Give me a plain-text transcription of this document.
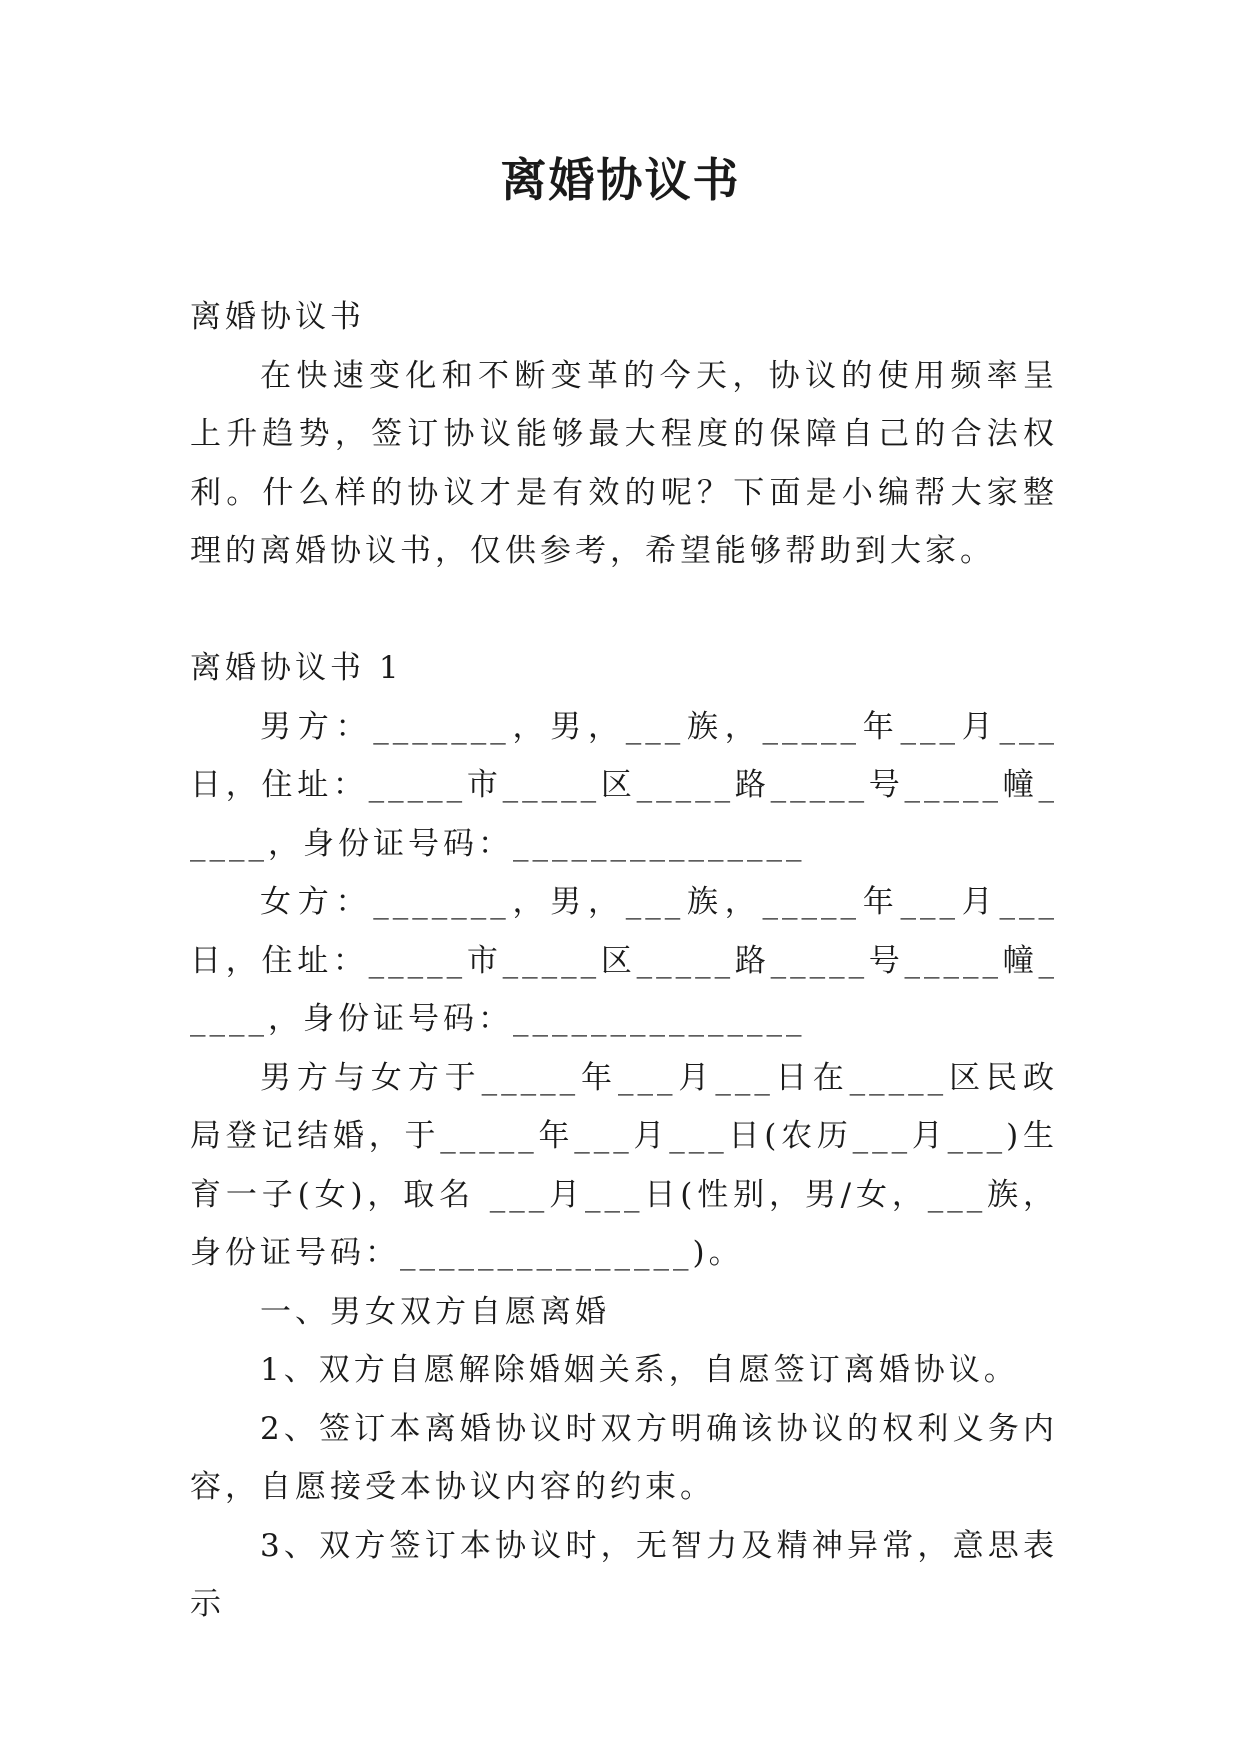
离婚协议书

离婚协议书

在快速变化和不断变革的今天，协议的使用频率呈上升趋势，签订协议能够最大程度的保障自己的合法权利。什么样的协议才是有效的呢？下面是小编帮大家整理的离婚协议书，仅供参考，希望能够帮助到大家。

离婚协议书 1

男方：_______，男，___族，_____年___月___日，住址：_____市_____区_____路_____号_____幢_____，身份证号码：_______________

女方：_______，男，___族，_____年___月___日，住址：_____市_____区_____路_____号_____幢_____，身份证号码：_______________

男方与女方于_____年___月___日在_____区民政局登记结婚，于_____年___月___日(农历___月___)生育一子(女)，取名 ___月___日(性别，男/女，___族，身份证号码：_______________)。

一、男女双方自愿离婚

1、双方自愿解除婚姻关系，自愿签订离婚协议。

2、签订本离婚协议时双方明确该协议的权利义务内容，自愿接受本协议内容的约束。

3、双方签订本协议时，无智力及精神异常，意思表示
